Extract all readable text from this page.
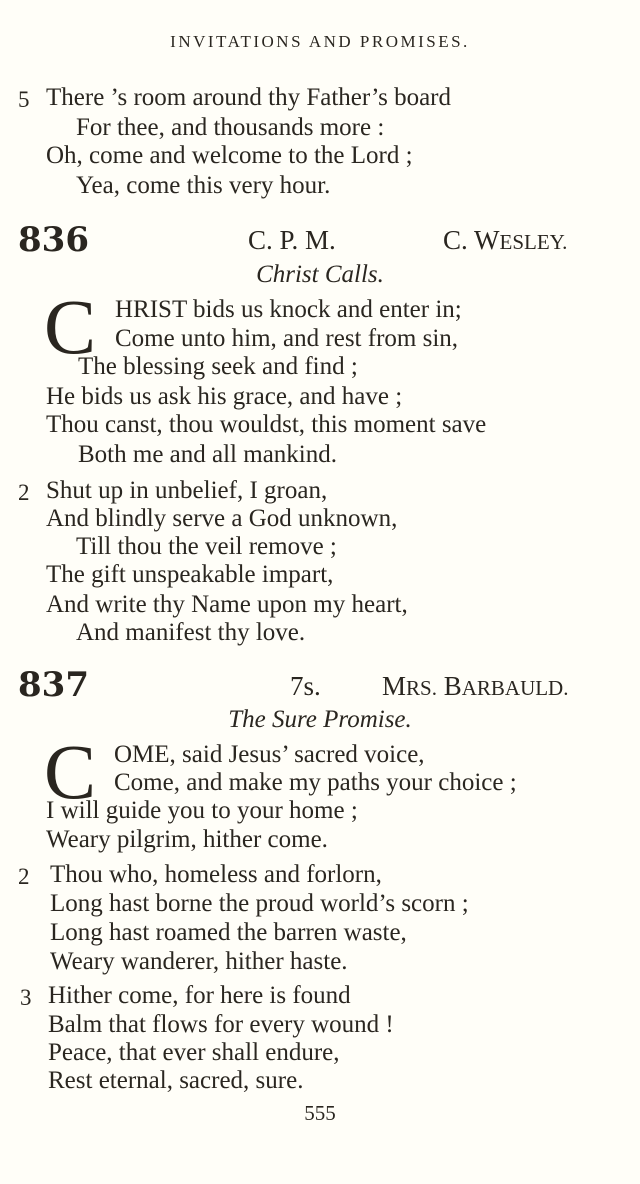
INVITATIONS AND PROMISES.
5 There ’s room around thy Father’s board
For thee, and thousands more :
Oh, come and welcome to the Lord ;
Yea, come this very hour.
836	C. P. M.	C. WESLEY.
Christ Calls.
C HRIST bids us knock and enter in;
Come unto him, and rest from sin,
The blessing seek and find ;
He bids us ask his grace, and have ;
Thou canst, thou wouldst, this moment save
Both me and all mankind.
2 Shut up in unbelief, I groan,
And blindly serve a God unknown,
Till thou the veil remove ;
The gift unspeakable impart,
And write thy Name upon my heart,
And manifest thy love.
837	7s. MRS. BARBAULD.
The Sure Promise.
C OME, said Jesus’ sacred voice,
Come, and make my paths your choice ;
I will guide you to your home ;
Weary pilgrim, hither come.
2 Thou who, homeless and forlorn,
Long hast borne the proud world’s scorn ;
Long hast roamed the barren waste,
Weary wanderer, hither haste.
3 Hither come, for here is found
Balm that flows for every wound !
Peace, that ever shall endure,
Rest eternal, sacred, sure.
555
